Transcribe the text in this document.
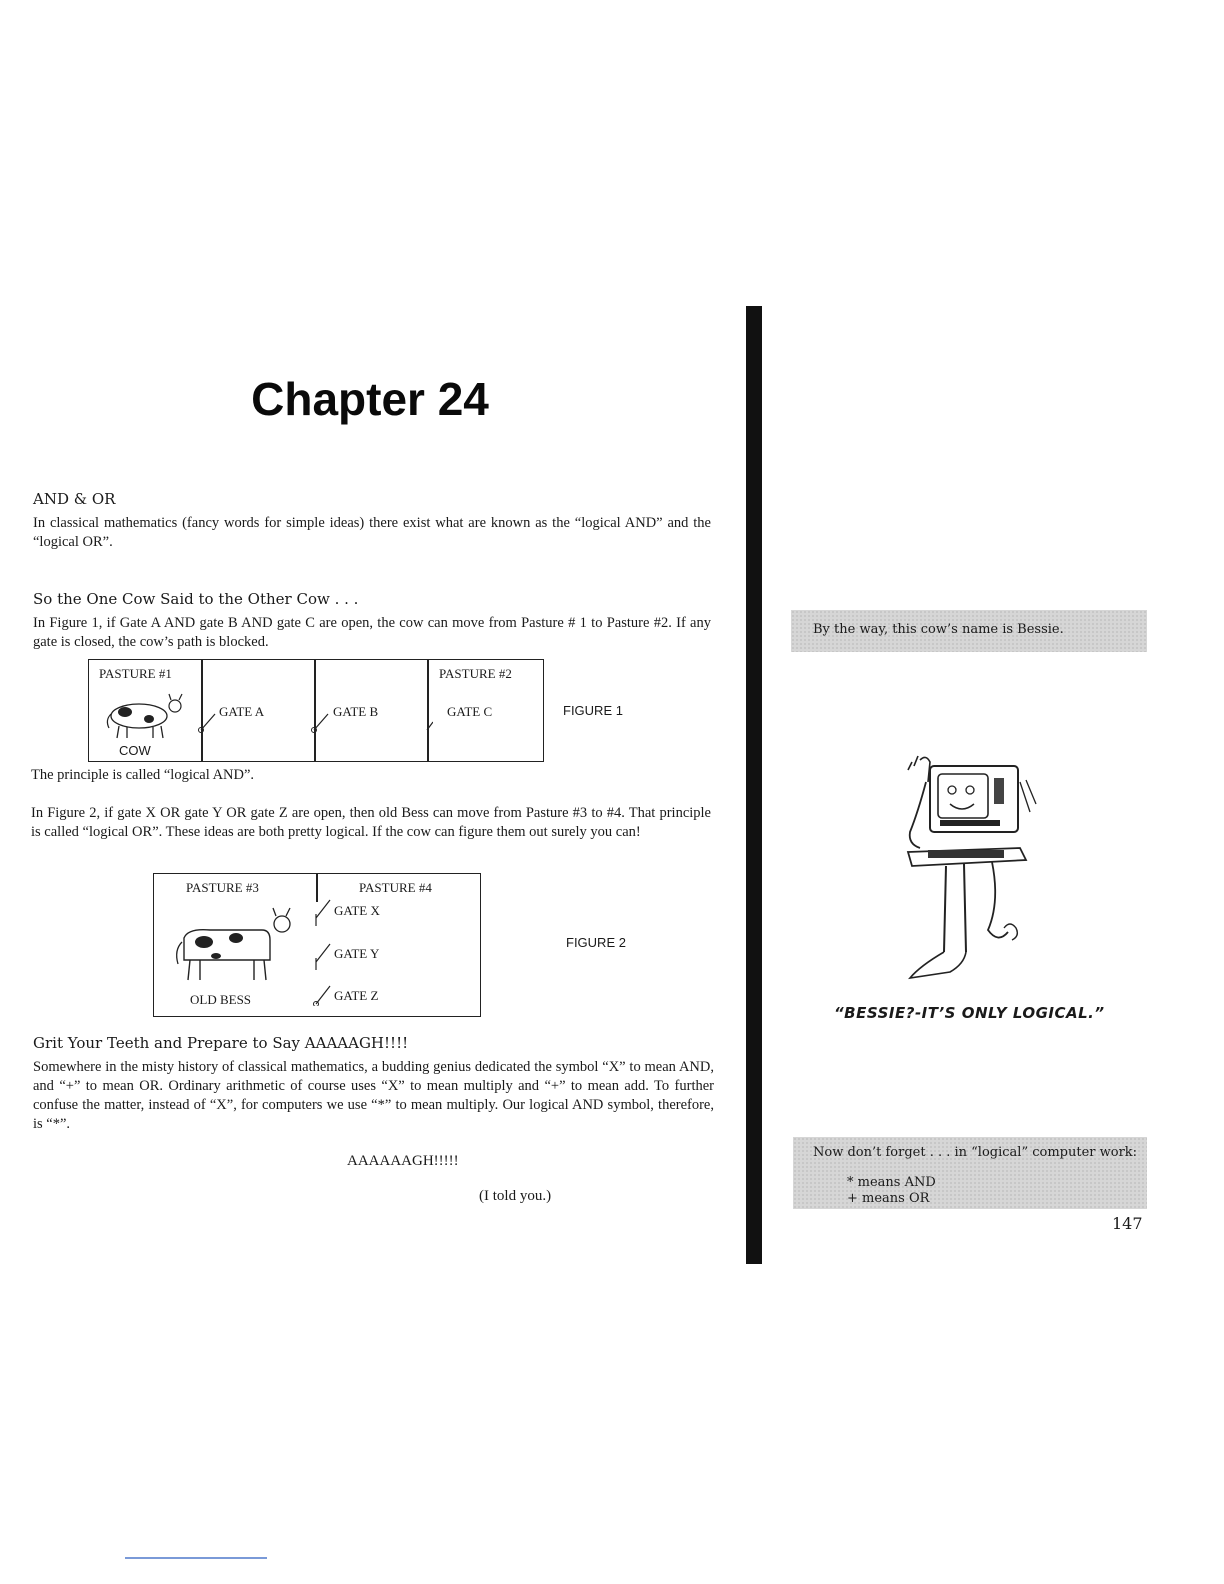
Chapter 24
AND & OR
In classical mathematics (fancy words for simple ideas) there exist what are known as the “logical AND” and the “logical OR”.
So the One Cow Said to the Other Cow . . .
In Figure 1, if Gate A AND gate B AND gate C are open, the cow can move from Pasture # 1 to Pasture #2. If any gate is closed, the cow’s path is blocked.
PASTURE #1	PASTURE #2
GATE A	GATE B	GATE C
COW
FIGURE 1
The principle is called “logical AND”.
In Figure 2, if gate X OR gate Y OR gate Z are open, then old Bess can move from Pasture #3 to #4. That principle is called “logical OR”. These ideas are both pretty logical. If the cow can figure them out surely you can!
PASTURE #3	PASTURE #4
GATE X
GATE Y
GATE Z
OLD BESS
FIGURE 2
Grit Your Teeth and Prepare to Say AAAAAGH!!!!
Somewhere in the misty history of classical mathematics, a budding genius dedicated the symbol “X” to mean AND, and “+” to mean OR. Ordinary arithmetic of course uses “X” to mean multiply and “+” to mean add. To further confuse the matter, instead of “X”, for computers we use “*” to mean multiply. Our logical AND symbol, therefore, is “*”.
AAAAAAGH!!!!!
(I told you.)
By the way, this cow’s name is Bessie.
“BESSIE?-IT’S ONLY LOGICAL.”
Now don’t forget . . . in “logical” computer work:
* means AND
+ means OR
147
